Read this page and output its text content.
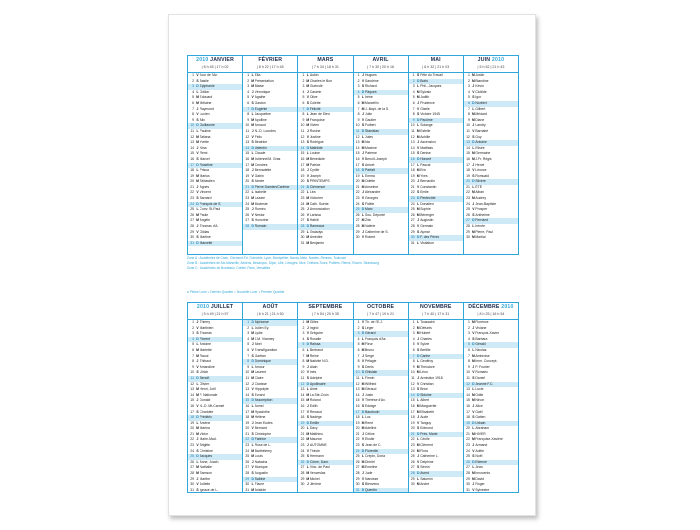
2010 JANVIER
| 8 h 45 | 17 h 02
1 V Jour de l'An
2 S Basile
3 D Epiphanie
4 L Odilon
5 M Edouard
6 M Mélaine
7 J Raymond
8 V Lucien
9 S Alix
10 D Guillaume
11 L Pauline
12 M Tatiana
13 M Yvette
14 J Nina
15 V Rémi
16 S Marcel
17 D Roseline
18 L Prisca
19 M Marius
20 M Sébastien
21 J Agnès
22 V Vincent
23 S Barnard
24 D François de S.
25 L Conv. St-Paul
26 M Paule
27 M Angèle
28 J Thomas d'A.
29 V Gildas
30 S Martine
31 D Marcelle
FÉVRIER
| 8 h 22 | 17 h 45
1 L Ella
2 M Présentation
3 M Blaise
4 J Véronique
5 V Agathe
6 S Gaston
7 D Eugénie
8 L Jacqueline
9 M Apolline
10 M Arnaud
11 J N.-D. Lourdes
12 V Félix
13 S Béatrice
14 D Valentin
15 L Claude
16 M Julienne/M. Gras
17 M Cendres
18 J Bernadette
19 V Gabin
20 S Aimée
21 D Pierre Damien/Carême
22 L Isabelle
23 M Lazare
24 M Modeste
25 J Roméo
26 V Nestor
27 S Honorine
28 D Romain
MARS
| 7 h 34 | 18 h 31
1 L Aubin
2 M Charles le Bon
3 M Guénolé
4 J Casimir
5 V Olive
6 S Colette
7 D Félicité
8 L Jean de Dieu
9 M Françoise
10 M Vivien
11 J Rosine
12 V Justine
13 S Rodrigue
14 D Mathilde
15 L Louise
16 M Bénédicte
17 M Patrice
18 J Cyrille
19 V Joseph
20 S PRINTEMPS
21 D Clémence
22 L Léa
23 M Victorien
24 M Cath. Suède
25 J Annonciation
26 V Larissa
27 S Habib
28 D Rameaux
29 L Gwladys
30 M Amédée
31 M Benjamin
AVRIL
| 7 h 30 | 20 h 16
1 J Hugues
2 V Sandrine
3 S Richard
4 D Pâques
5 L Irène
6 M Marcellin
7 M J.-Bapt. de la S.
8 J Julie
9 V Gautier
10 S Fulbert
11 D Stanislas
12 L Jules
13 M Ida
14 M Maxime
15 J Paterne
16 V Benoît-Joseph
17 S Anicet
18 D Parfait
19 L Emma
20 M Odette
21 M Anselme
22 J Alexandre
23 V Georges
24 S Fidèle
25 D Marc
26 L Sou. Déporté
27 M Zita
28 M Valérie
29 J Catherine de S.
30 V Robert
MAI
| 6 h 32 | 21 h 03
1 S Fête du Travail
2 D Boris
3 L Phil., Jacques
4 M Sylvain
5 M Judith
6 J Prudence
7 V Gisèle
8 S Victoire 1945
9 D Pacôme
10 L Solange
11 M Estelle
12 M Achille
13 J Ascension
14 V Matthias
15 S Denise
16 D Honoré
17 L Pascal
18 M Eric
19 M Yves
20 J Bernardin
21 V Constantin
22 S Emile
23 D Pentecôte
24 L Donatien
25 M Sophie
26 M Bérenger
27 J Augustin
28 V Germain
29 S Aymar
30 D F. des Pères
31 L Visitation
JUIN 2010
| 5 h 52 | 21 h 43
1 M Justin
2 M Blandine
3 J Kévin
4 V Clotilde
5 S Igor
6 D Norbert
7 L Gilbert
8 M Médard
9 M Diane
10 J Landry
11 V Barnabé
12 S Guy
13 D Antoine
14 L Elisée
15 M Germaine
16 M J.Fr. Régis
17 J Hervé
18 V Léonce
19 S Romuald
20 D Silvère
21 L ÉTÉ
22 M Alban
23 M Audrey
24 J Jean-Baptiste
25 V Prosper
26 S Anthelme
27 D Fernand
28 L Irénée
29 M Pierre, Paul
30 M Martial
Zone A : Académies de Caen, Clermont-Fd, Grenoble, Lyon, Montpellier, Nancy-Metz, Nantes, Rennes, Toulouse
Zone B : Académies de Aix-Marseille, Amiens, Besançon, Dijon, Lille, Limoges, Nice, Orléans-Tours, Poitiers, Reims, Rouen, Strasbourg
Zone C : Académies de Bordeaux, Créteil, Paris, Versailles
● Pleine Lune ◐ Dernier Quartier ○ Nouvelle Lune ◑ Premier Quartier
2010 JUILLET
| 5 h 49 | 21 h 57
1 J Thierry
2 V Martinien
3 S Thomas
4 D Florent
5 L Antoine
6 M Mariette
7 M Raoul
8 J Thibaut
9 V Amandine
10 S Ulrich
11 D Benoît
12 L Olivier
13 M Henri, Joël
14 M F. Nationale
15 J Donald
16 V N.-D. Mt-Carmel
17 S Charlotte
18 D Frédéric
19 L Arsène
20 M Marina
21 M Victor
22 J Marie-Mad.
23 V Brigitte
24 S Christine
25 D Jacques
26 L Anne, Joach.
27 M Nathalie
28 M Samson
29 J Marthe
30 V Juliette
31 S Ignace de L.
AOÛT
| 6 h 21 | 21 h 50
1 D Alphonse
2 L Julien Ey.
3 M Lydie
4 M J.M. Vianney
5 J Abel
6 V Transfiguration
7 S Gaétan
8 D Dominique
9 L Amour
10 M Laurent
11 M Claire
12 J Clarisse
13 V Hippolyte
14 S Evrard
15 D Assomption
16 L Armel
17 M Hyacinthe
18 M Hélène
19 J Jean Eudes
20 V Bernard
21 S Christophe
22 D Fabrice
23 L Rose de L.
24 M Barthélemy
25 M Louis
26 J Natacha
27 V Monique
28 S Augustin
29 D Sabine
30 L Fiacre
31 M Aristide
SEPTEMBRE
| 7 h 54 | 20 h 35
1 M Gilles
2 J Ingrid
3 V Grégoire
4 S Rosalie
5 D Raïssa
6 L Bertrand
7 M Reine
8 M Nativité N.D.
9 J Alain
10 V Inès
11 S Adelphe
12 D Apollinaire
13 L Aimé
14 M La Ste-Croix
15 M Roland
16 J Edith
17 V Renaud
18 S Nadège
19 D Emilie
20 L Davy
21 M Matthieu
22 M Maurice
23 J AUTOMNE
24 V Thècle
25 S Hermann
26 D Côme, Dam.
27 L Vinc. de Paul
28 M Venceslas
29 M Michel
30 J Jérôme
OCTOBRE
| 7 h 47 | 19 h 21
1 V Th. de l'E.J.
2 S Léger
3 D Gérard
4 L François d'As.
5 M Fleur
6 M Bruno
7 J Serge
8 V Pélagie
9 S Denis
10 D Ghislain
11 L Firmin
12 M Wilfried
13 M Géraud
14 J Juste
15 V Thérèse d'Av.
16 S Edwige
17 D Baudouin
18 L Luc
19 M René
20 M Adeline
21 J Céline
22 V Elodie
23 S Jean de C.
24 D Florentin
25 L Crépin, Doria
26 M Dimitri
27 M Emeline
28 J Jude
29 V Narcisse
30 S Bienvenu
31 D Quentin
NOVEMBRE
| 7 h 40 | 17 h 31
1 L Toussaint
2 M Défunts
3 M Hubert
4 J Charles
5 V Sylvie
6 S Bertille
7 D Carine
8 L Geoffroy
9 M Théodore
10 M Léon
11 J Armistice 1918
12 V Christian
13 S Brice
14 D Sidoine
15 L Albert
16 M Marguerite
17 M Elisabeth
18 J Aude
19 V Tanguy
20 S Edmond
21 D Prés. Marie
22 L Cécile
23 M Clément
24 M Flora
25 J Catherine L.
26 V Delphine
27 S Sévrin
28 D Avent
29 L Saturnin
30 M André
DÉCEMBRE 2010
| 8 h 25 | 16 h 54
1 M Florence
2 J Viviane
3 V François-Xavier
4 S Barbara
5 D Gérald
6 L Nicolas
7 M Ambroise
8 M Imm. Concept.
9 J P. Fourier
10 V Romaric
11 S Daniel
12 D Jeanne F.C.
13 L Lucie
14 M Odile
15 M Ninon
16 J Alice
17 V Gaël
18 S Gatien
19 D Urbain
20 L Abraham
21 M HIVER
22 M Françoise-Xavière
23 J Armand
24 V Adèle
25 S Noël
26 D Etienne
27 L Jean
28 M Innocents
29 M David
30 J Roger
31 V Sylvestre
